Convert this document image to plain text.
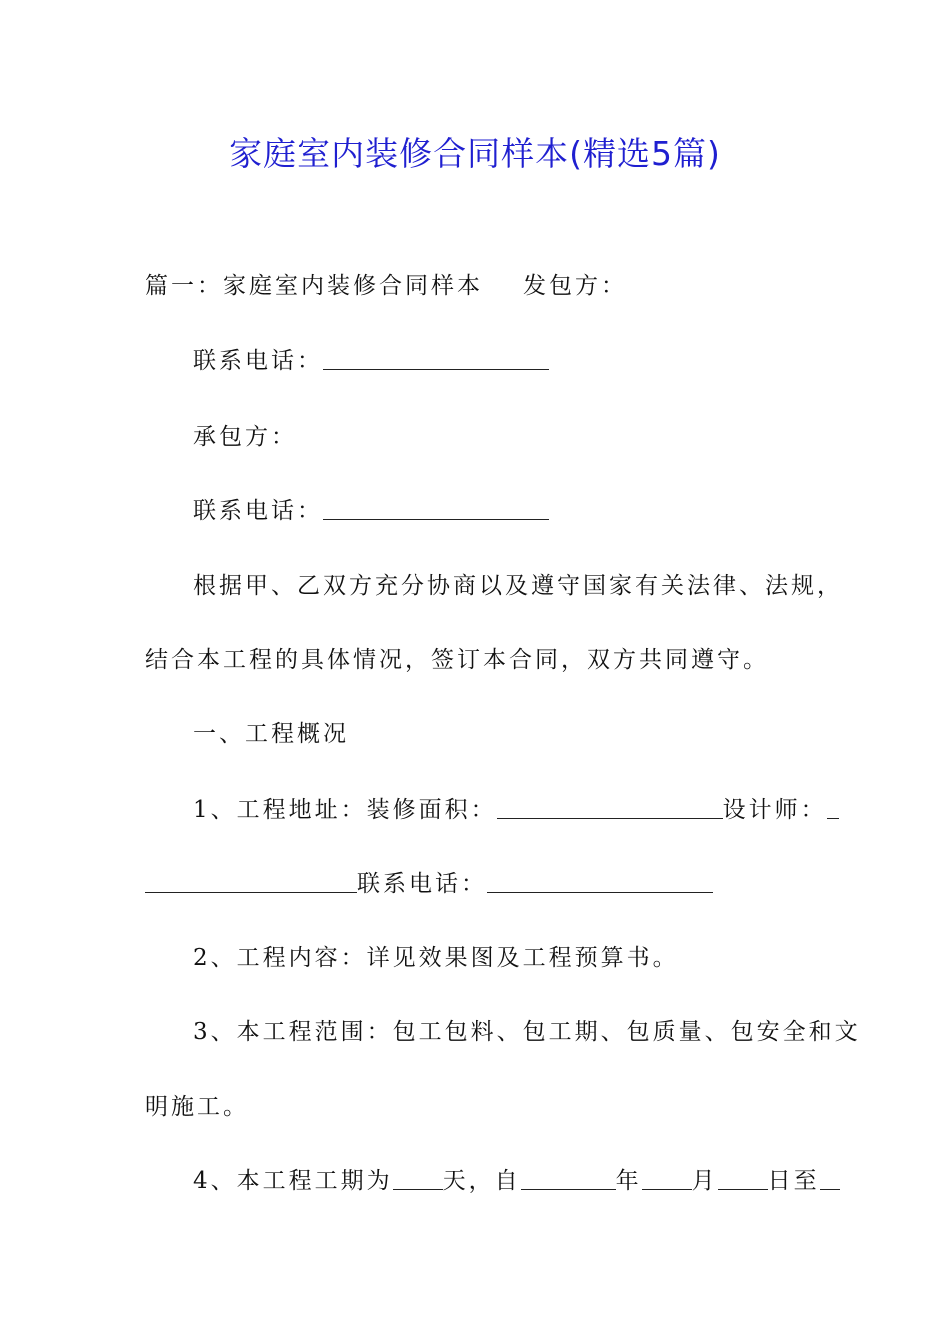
家庭室内装修合同样本(精选5篇)
篇一：家庭室内装修合同样本 发包方：
联系电话：
承包方：
联系电话：
根据甲、乙双方充分协商以及遵守国家有关法律、法规，
结合本工程的具体情况，签订本合同，双方共同遵守。
一、工程概况
1、工程地址：装修面积：	设计师：
联系电话：
2、工程内容：详见效果图及工程预算书。
3、本工程范围：包工包料、包工期、包质量、包安全和文
明施工。
4、本工程工期为 天，自	年 月 日至
